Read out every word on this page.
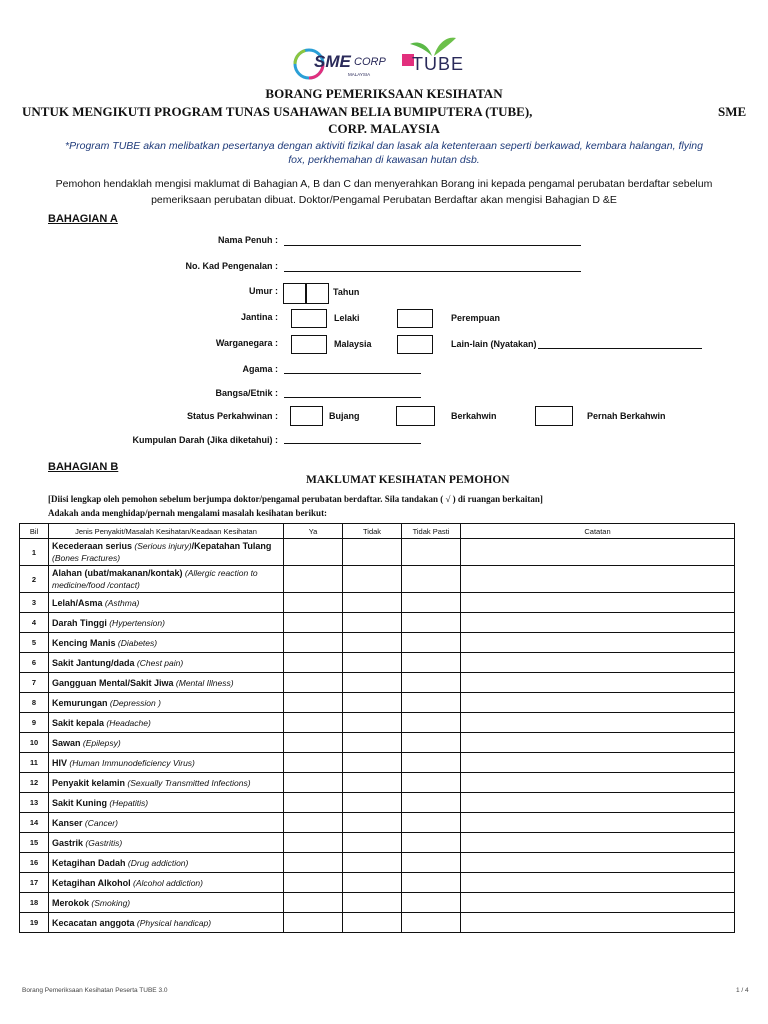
SME CORP
MALAYSIA
TUBE
BORANG PEMERIKSAAN KESIHATAN
UNTUK MENGIKUTI PROGRAM TUNAS USAHAWAN BELIA BUMIPUTERA (TUBE),	SME
CORP. MALAYSIA
*Program TUBE akan melibatkan pesertanya dengan aktiviti fizikal dan lasak ala ketenteraan seperti berkawad, kembara halangan, flying
fox, perkhemahan di kawasan hutan dsb.
Pemohon hendaklah mengisi maklumat di Bahagian A, B dan C dan menyerahkan Borang ini kepada pengamal perubatan berdaftar sebelum
pemeriksaan perubatan dibuat. Doktor/Pengamal Perubatan Berdaftar akan mengisi Bahagian D &E
BAHAGIAN A
Nama Penuh :
No. Kad Pengenalan :
Umur :	Tahun
Jantina :	Lelaki	Perempuan
Warganegara :	Malaysia	Lain-lain (Nyatakan)
Agama :
Bangsa/Etnik :
Status Perkahwinan :	Bujang	Berkahwin	Pernah Berkahwin
Kumpulan Darah (Jika diketahui) :
BAHAGIAN B
MAKLUMAT KESIHATAN PEMOHON
[Diisi lengkap oleh pemohon sebelum berjumpa doktor/pengamal perubatan berdaftar. Sila tandakan ( √ ) di ruangan berkaitan]
Adakah anda menghidap/pernah mengalami masalah kesihatan berikut:
Bil	Jenis Penyakit/Masalah Kesihatan/Keadaan Kesihatan	Ya	Tidak	Tidak Pasti	Catatan
1	Kecederaan serius (Serious injury)/Kepatahan Tulang
(Bones Fractures)				
2	Alahan (ubat/makanan/kontak) (Allergic reaction to medicine/food /contact)				
3	Lelah/Asma (Asthma)				
4	Darah Tinggi (Hypertension)				
5	Kencing Manis (Diabetes)				
6	Sakit Jantung/dada (Chest pain)				
7	Gangguan Mental/Sakit Jiwa (Mental Illness)				
8	Kemurungan (Depression )				
9	Sakit kepala (Headache)				
10	Sawan (Epilepsy)				
11	HIV (Human Immunodeficiency Virus)				
12	Penyakit kelamin (Sexually Transmitted Infections)				
13	Sakit Kuning (Hepatitis)				
14	Kanser (Cancer)				
15	Gastrik (Gastritis)				
16	Ketagihan Dadah (Drug addiction)				
17	Ketagihan Alkohol (Alcohol addiction)				
18	Merokok (Smoking)				
19	Kecacatan anggota (Physical handicap)				
Borang Pemeriksaan Kesihatan Peserta TUBE 3.0	1 / 4
